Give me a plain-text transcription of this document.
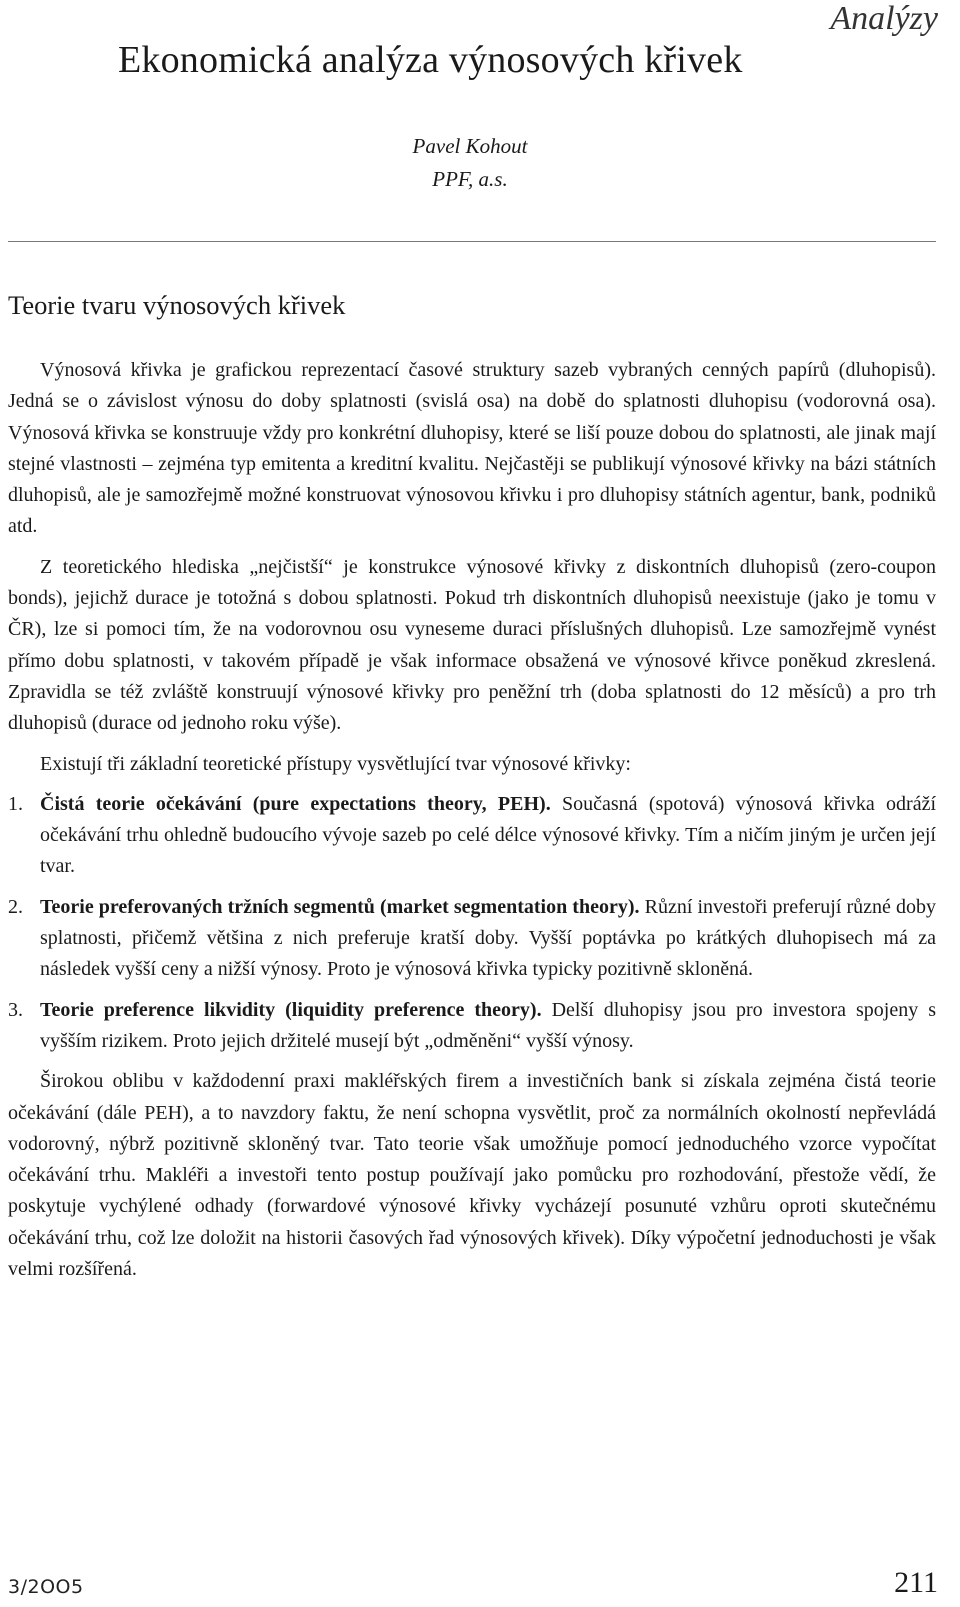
Analýzy
Ekonomická analýza výnosových křivek
Pavel Kohout
PPF, a.s.
Teorie tvaru výnosových křivek

Výnosová křivka je grafickou reprezentací časové struktury sazeb vybraných cenných papírů (dluhopisů). Jedná se o závislost výnosu do doby splatnosti (svislá osa) na době do splatnosti dluhopisu (vodorovná osa). Výnosová křivka se konstruuje vždy pro konkrétní dluhopisy, které se liší pouze dobou do splatnosti, ale jinak mají stejné vlastnosti – zejména typ emitenta a kreditní kvalitu. Nejčastěji se publikují výnosové křivky na bázi státních dluhopisů, ale je samozřejmě možné konstruovat výnosovou křivku i pro dluhopisy státních agentur, bank, podniků atd.

Z teoretického hlediska „nejčistší“ je konstrukce výnosové křivky z diskontních dluhopisů (zero-coupon bonds), jejichž durace je totožná s dobou splatnosti. Pokud trh diskontních dluhopisů neexistuje (jako je tomu v ČR), lze si pomoci tím, že na vodorovnou osu vyneseme duraci příslušných dluhopisů. Lze samozřejmě vynést přímo dobu splatnosti, v takovém případě je však informace obsažená ve výnosové křivce poněkud zkreslená. Zpravidla se též zvláště konstruují výnosové křivky pro peněžní trh (doba splatnosti do 12 měsíců) a pro trh dluhopisů (durace od jednoho roku výše).

Existují tři základní teoretické přístupy vysvětlující tvar výnosové křivky:

1. Čistá teorie očekávání (pure expectations theory, PEH). Současná (spotová) výnosová křivka odráží očekávání trhu ohledně budoucího vývoje sazeb po celé délce výnosové křivky. Tím a ničím jiným je určen její tvar.
2. Teorie preferovaných tržních segmentů (market segmentation theory). Různí investoři preferují různé doby splatnosti, přičemž většina z nich preferuje kratší doby. Vyšší poptávka po krátkých dluhopisech má za následek vyšší ceny a nižší výnosy. Proto je výnosová křivka typicky pozitivně skloněná.
3. Teorie preference likvidity (liquidity preference theory). Delší dluhopisy jsou pro investora spojeny s vyšším rizikem. Proto jejich držitelé musejí být „odměněni“ vyšší výnosy.

Širokou oblibu v každodenní praxi makléřských firem a investičních bank si získala zejména čistá teorie očekávání (dále PEH), a to navzdory faktu, že není schopna vysvětlit, proč za normálních okolností nepřevládá vodorovný, nýbrž pozitivně skloněný tvar. Tato teorie však umožňuje pomocí jednoduchého vzorce vypočítat očekávání trhu. Makléři a investoři tento postup používají jako pomůcku pro rozhodování, přestože vědí, že poskytuje vychýlené odhady (forwardové výnosové křivky vycházejí posunuté vzhůru oproti skutečnému očekávání trhu, což lze doložit na historii časových řad výnosových křivek). Díky výpočetní jednoduchosti je však velmi rozšířená.

3/2OO5	211
